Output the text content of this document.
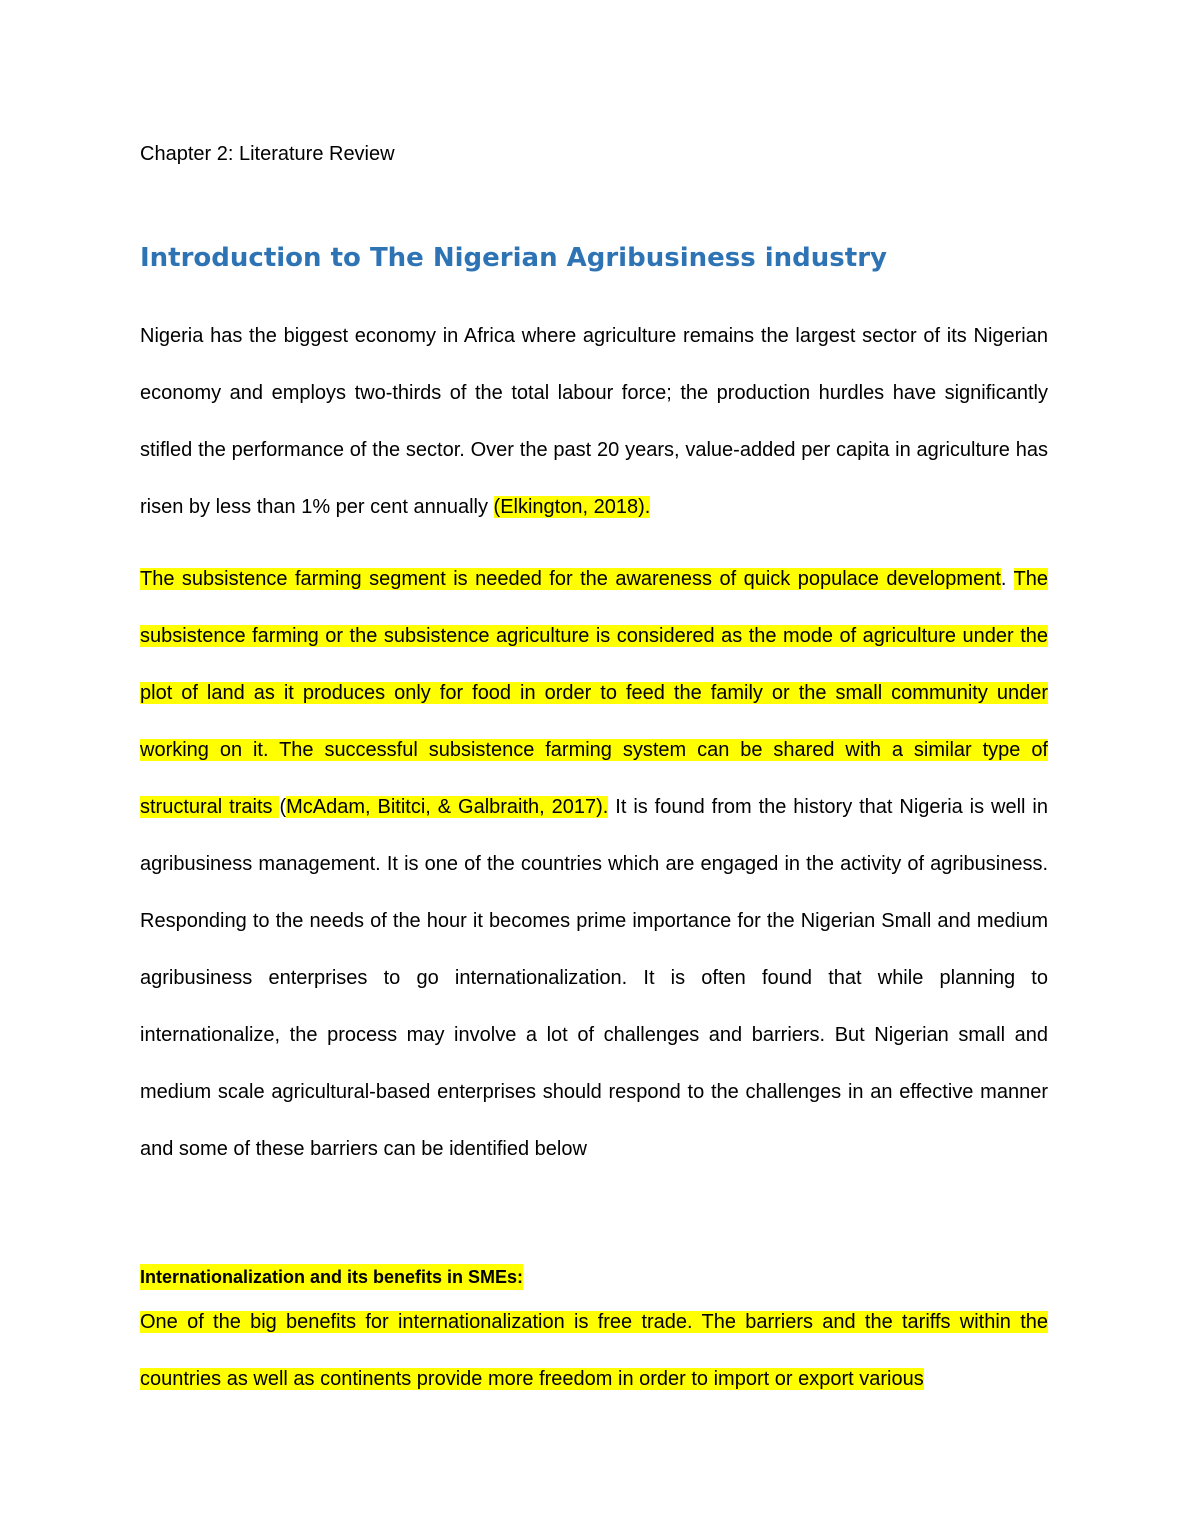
Chapter 2: Literature Review
Introduction to The Nigerian Agribusiness industry

Nigeria has the biggest economy in Africa where agriculture remains the largest sector of its Nigerian economy and employs two-thirds of the total labour force; the production hurdles have significantly stifled the performance of the sector. Over the past 20 years, value-added per capita in agriculture has risen by less than 1% per cent annually (Elkington, 2018).

The subsistence farming segment is needed for the awareness of quick populace development. The subsistence farming or the subsistence agriculture is considered as the mode of agriculture under the plot of land as it produces only for food in order to feed the family or the small community under working on it. The successful subsistence farming system can be shared with a similar type of structural traits (McAdam, Bititci, & Galbraith, 2017). It is found from the history that Nigeria is well in agribusiness management. It is one of the countries which are engaged in the activity of agribusiness. Responding to the needs of the hour it becomes prime importance for the Nigerian Small and medium agribusiness enterprises to go internationalization. It is often found that while planning to internationalize, the process may involve a lot of challenges and barriers. But Nigerian small and medium scale agricultural-based enterprises should respond to the challenges in an effective manner and some of these barriers can be identified below

Internationalization and its benefits in SMEs:

One of the big benefits for internationalization is free trade. The barriers and the tariffs within the countries as well as continents provide more freedom in order to import or export various
